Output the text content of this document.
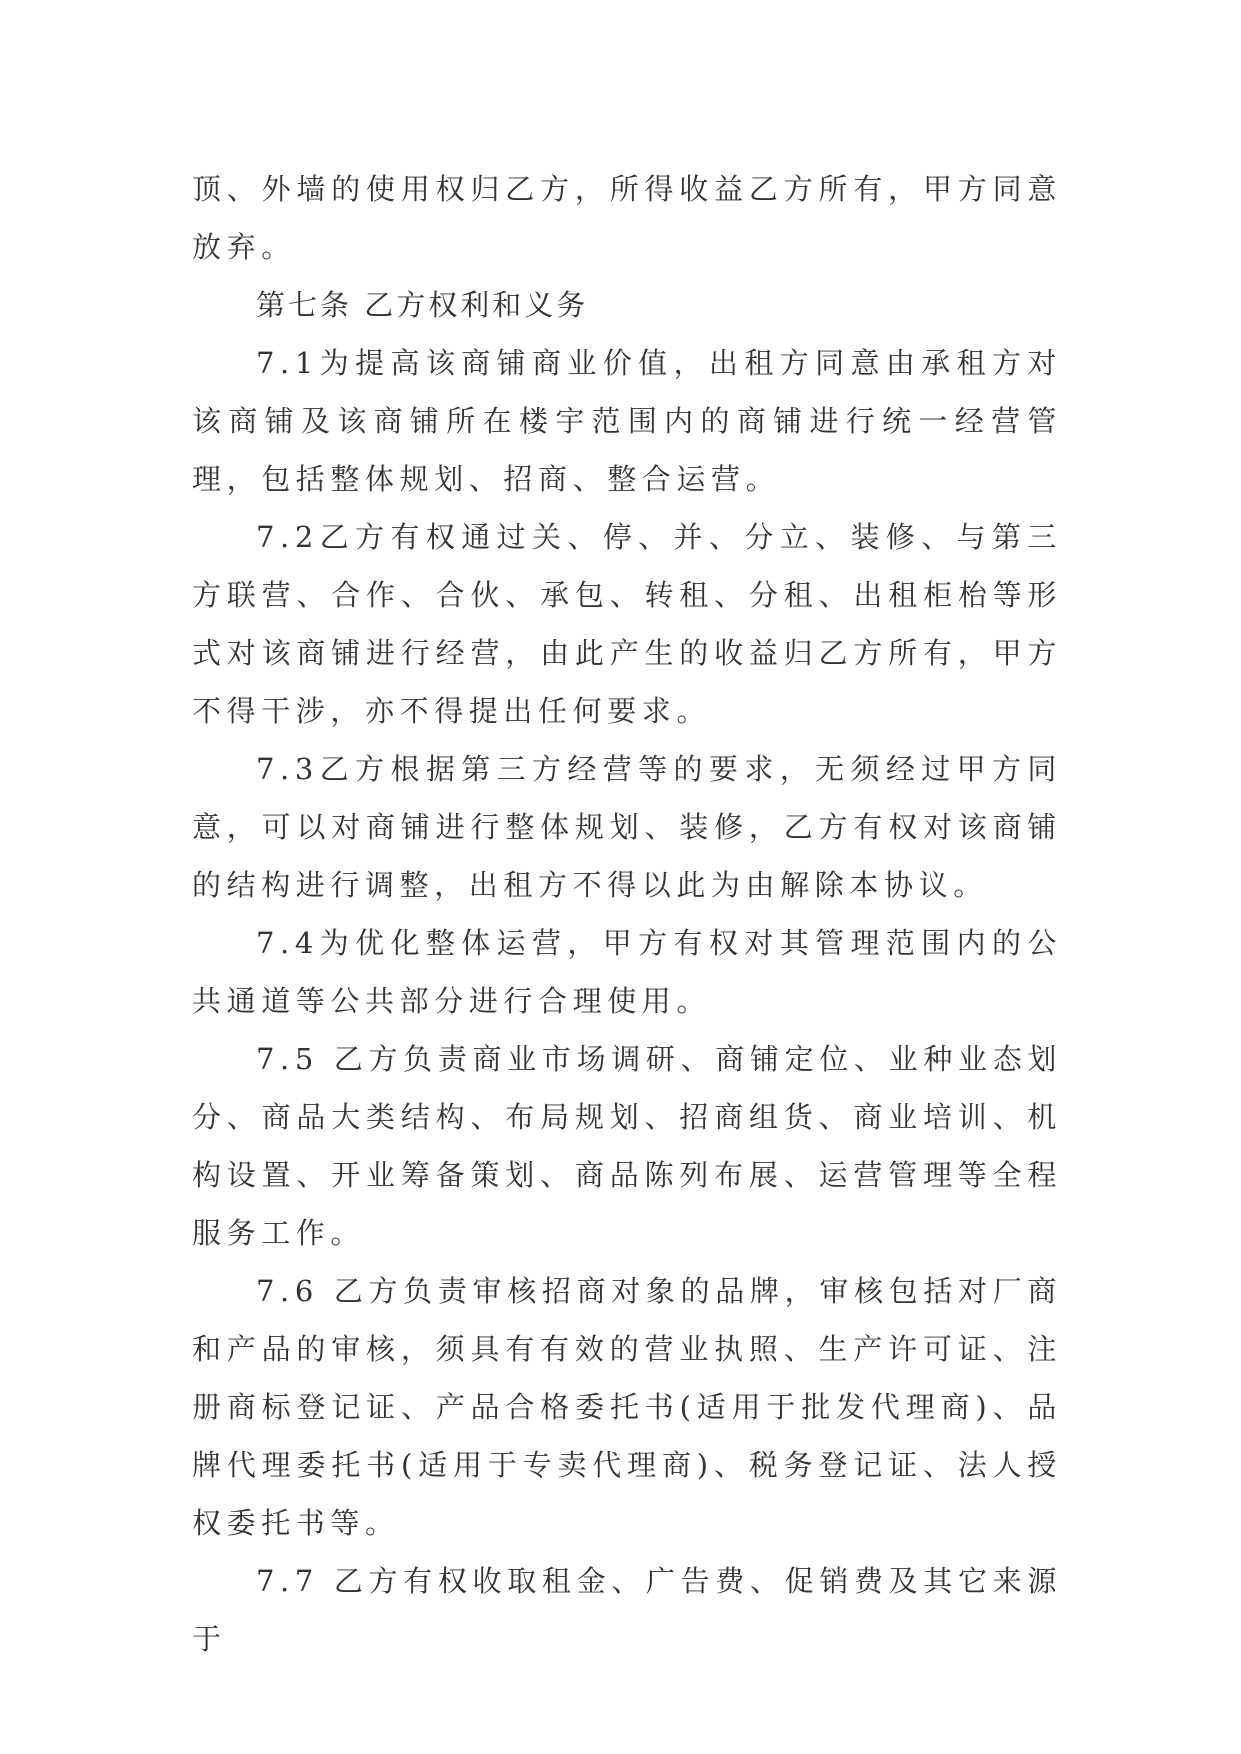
顶、外墙的使用权归乙方，所得收益乙方所有，甲方同意放弃。

第七条 乙方权利和义务

7.1为提高该商铺商业价值，出租方同意由承租方对该商铺及该商铺所在楼宇范围内的商铺进行统一经营管理，包括整体规划、招商、整合运营。

7.2乙方有权通过关、停、并、分立、装修、与第三方联营、合作、合伙、承包、转租、分租、出租柜枱等形式对该商铺进行经营，由此产生的收益归乙方所有，甲方不得干涉，亦不得提出任何要求。

7.3乙方根据第三方经营等的要求，无须经过甲方同意，可以对商铺进行整体规划、装修，乙方有权对该商铺的结构进行调整，出租方不得以此为由解除本协议。

7.4为优化整体运营，甲方有权对其管理范围内的公共通道等公共部分进行合理使用。

7.5 乙方负责商业市场调研、商铺定位、业种业态划分、商品大类结构、布局规划、招商组货、商业培训、机构设置、开业筹备策划、商品陈列布展、运营管理等全程服务工作。

7.6 乙方负责审核招商对象的品牌，审核包括对厂商和产品的审核，须具有有效的营业执照、生产许可证、注册商标登记证、产品合格委托书(适用于批发代理商)、品牌代理委托书(适用于专卖代理商)、税务登记证、法人授权委托书等。

7.7 乙方有权收取租金、广告费、促销费及其它来源于
